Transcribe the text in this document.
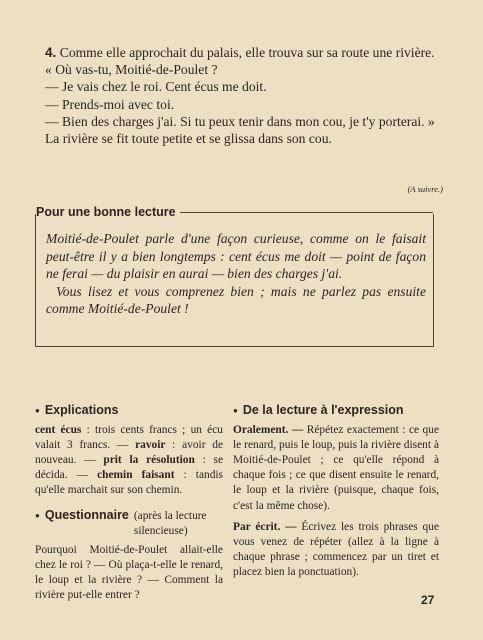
4. Comme elle approchait du palais, elle trouva sur sa route une rivière.

« Où vas-tu, Moitié-de-Poulet ?

— Je vais chez le roi. Cent écus me doit.

— Prends-moi avec toi.

— Bien des charges j'ai. Si tu peux tenir dans mon cou, je t'y porterai. »

La rivière se fit toute petite et se glissa dans son cou.

(A suivre.)
Pour une bonne lecture

Moitié-de-Poulet parle d'une façon curieuse, comme on le faisait peut-être il y a bien longtemps : cent écus me doit — point de façon ne ferai — du plaisir en aurai — bien des charges j'ai.

Vous lisez et vous comprenez bien ; mais ne parlez pas ensuite comme Moitié-de-Poulet !

● Explications

cent écus : trois cents francs ; un écu valait 3 francs. — ravoir : avoir de nouveau. — prit la résolution : se décida. — chemin faisant : tandis qu'elle marchait sur son chemin.

● Questionnaire (après la lecture silencieuse)

Pourquoi Moitié-de-Poulet allait-elle chez le roi ? — Où plaça-t-elle le renard, le loup et la rivière ? — Comment la rivière put-elle entrer ?

● De la lecture à l'expression

Oralement. — Répétez exactement : ce que le renard, puis le loup, puis la rivière disent à Moitié-de-Poulet ; ce qu'elle répond à chaque fois ; ce que disent ensuite le renard, le loup et la rivière (puisque, chaque fois, c'est la même chose).

Par écrit. — Écrivez les trois phrases que vous venez de répéter (allez à la ligne à chaque phrase ; commencez par un tiret et placez bien la ponctuation).

27
